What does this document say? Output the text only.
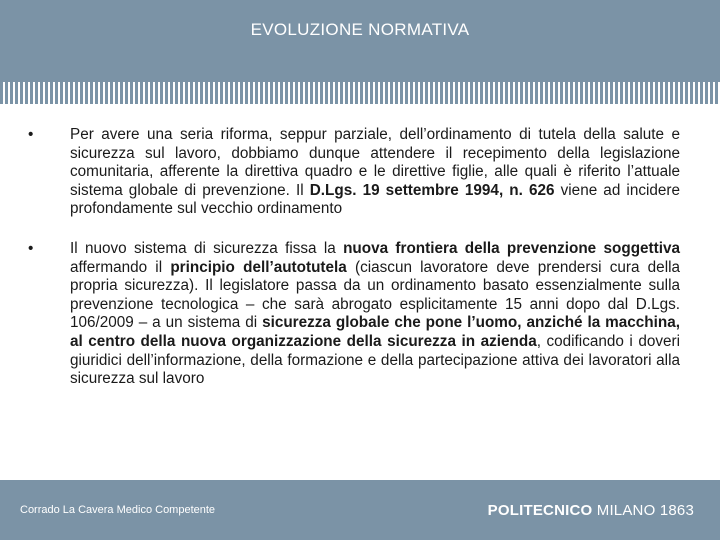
EVOLUZIONE NORMATIVA
•	Per avere una seria riforma, seppur parziale, dell’ordinamento di tutela della salute e sicurezza sul lavoro, dobbiamo dunque attendere il recepimento della legislazione comunitaria, afferente la direttiva quadro e le direttive figlie, alle quali è riferito l’attuale sistema globale di prevenzione. Il D.Lgs. 19 settembre 1994, n. 626 viene ad incidere profondamente sul vecchio ordinamento
•	Il nuovo sistema di sicurezza fissa la nuova frontiera della prevenzione soggettiva affermando il principio dell’autotutela (ciascun lavoratore deve prendersi cura della propria sicurezza). Il legislatore passa da un ordinamento basato essenzialmente sulla prevenzione tecnologica – che sarà abrogato esplicitamente 15 anni dopo dal D.Lgs. 106/2009 – a un sistema di sicurezza globale che pone l’uomo, anziché la macchina, al centro della nuova organizzazione della sicurezza in azienda, codificando i doveri giuridici dell’informazione, della formazione e della partecipazione attiva dei lavoratori alla sicurezza sul lavoro
Corrado La Cavera Medico Competente	POLITECNICO MILANO 1863
